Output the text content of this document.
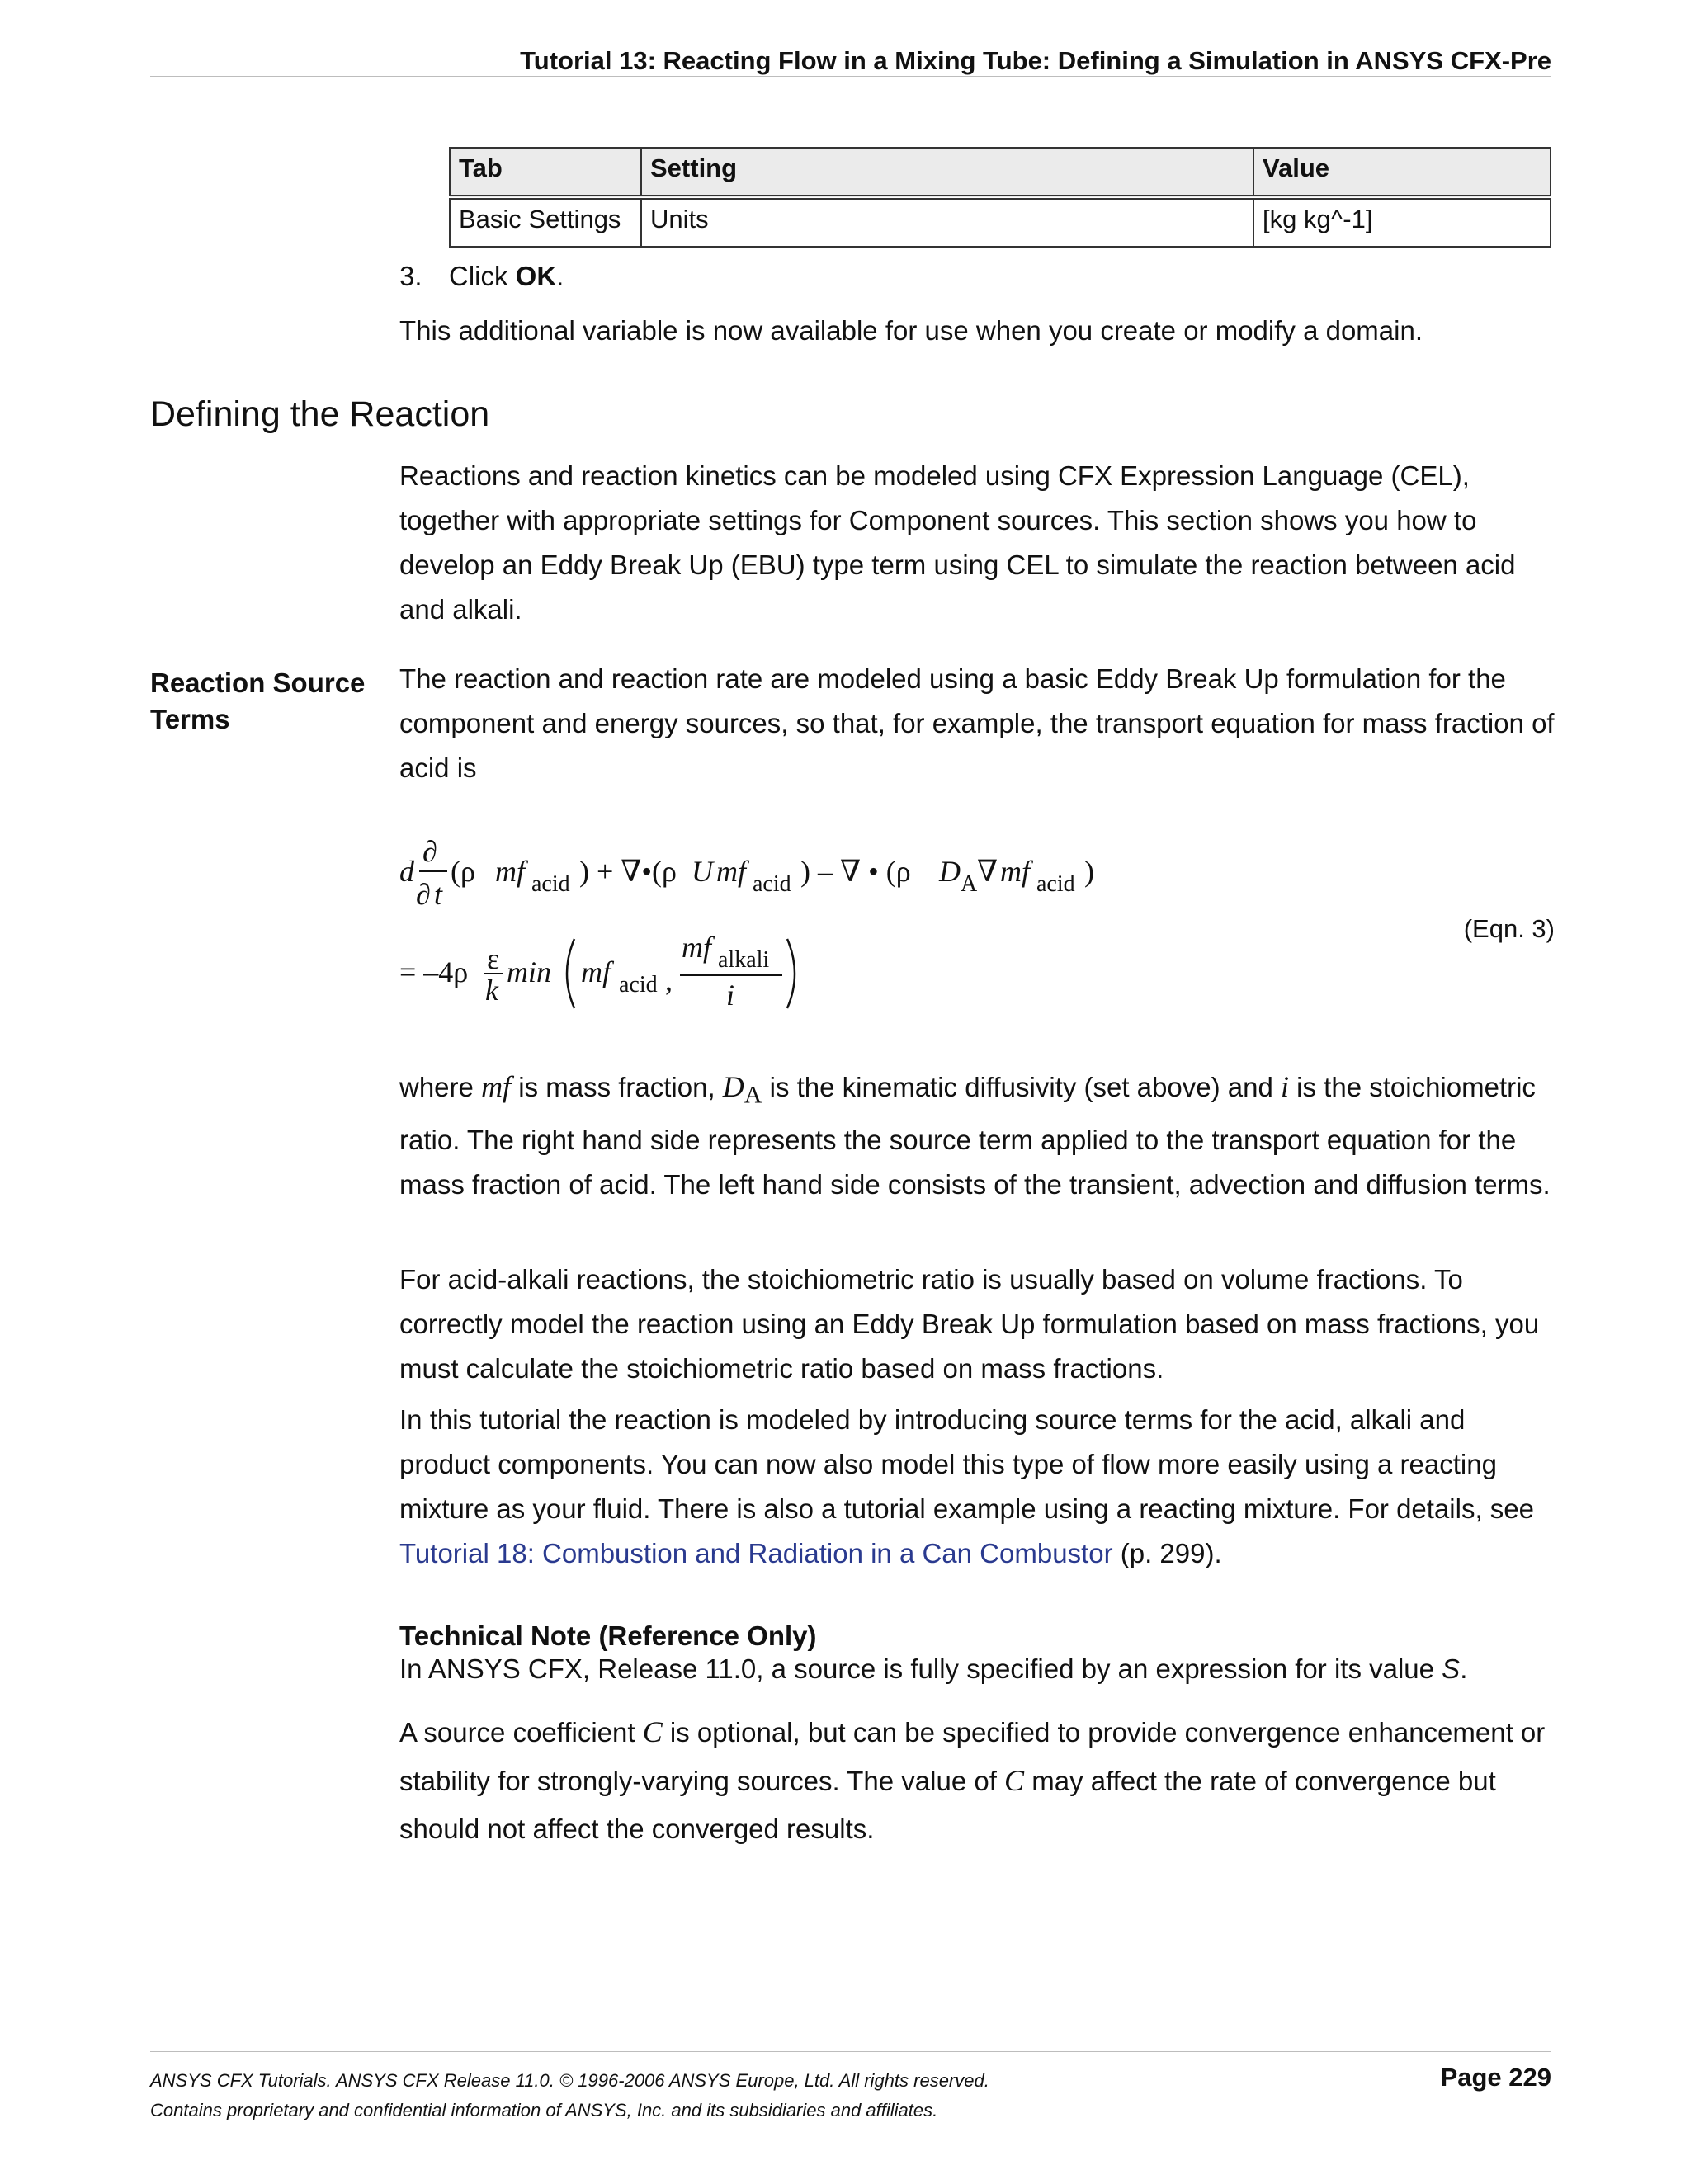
Tutorial 13: Reacting Flow in a Mixing Tube: Defining a Simulation in ANSYS CFX-Pre
Tab	Setting	Value
Basic Settings	Units	[kg kg^-1]
3. Click OK.
This additional variable is now available for use when you create or modify a domain.
Defining the Reaction
Reactions and reaction kinetics can be modeled using CFX Expression Language (CEL), together with appropriate settings for Component sources. This section shows you how to develop an Eddy Break Up (EBU) type term using CEL to simulate the reaction between acid and alkali.
Reaction Source
Terms
The reaction and reaction rate are modeled using a basic Eddy Break Up formulation for the component and energy sources, so that, for example, the transport equation for mass fraction of acid is
d
∂
∂ t
(ρ mf acid ) + ∇•(ρ U mf acid ) – ∇ • (ρ D A ∇ mf acid )
= –4ρ ε
k
min mf acid ,
mf alkali
i
(Eqn. 3)
where mf is mass fraction, $D_A$ is the kinematic diffusivity (set above) and i is the stoichiometric ratio. The right hand side represents the source term applied to the transport equation for the mass fraction of acid. The left hand side consists of the transient, advection and diffusion terms.
For acid-alkali reactions, the stoichiometric ratio is usually based on volume fractions. To correctly model the reaction using an Eddy Break Up formulation based on mass fractions, you must calculate the stoichiometric ratio based on mass fractions.
In this tutorial the reaction is modeled by introducing source terms for the acid, alkali and product components. You can now also model this type of flow more easily using a reacting mixture as your fluid. There is also a tutorial example using a reacting mixture. For details, see Tutorial 18: Combustion and Radiation in a Can Combustor (p. 299).
Technical Note (Reference Only)
In ANSYS CFX, Release 11.0, a source is fully specified by an expression for its value S.
A source coefficient C is optional, but can be specified to provide convergence enhancement or stability for strongly-varying sources. The value of C may affect the rate of convergence but should not affect the converged results.
ANSYS CFX Tutorials. ANSYS CFX Release 11.0. © 1996-2006 ANSYS Europe, Ltd. All rights reserved.
Contains proprietary and confidential information of ANSYS, Inc. and its subsidiaries and affiliates.
Page 229
